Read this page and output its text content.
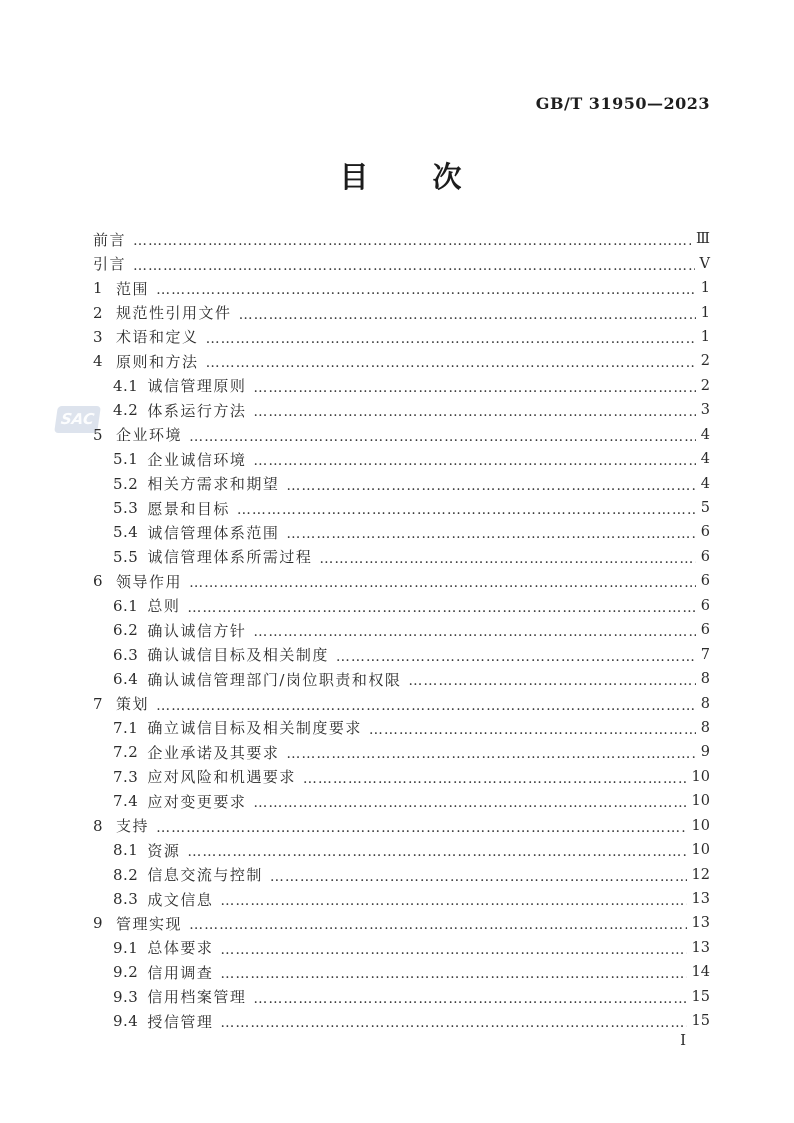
GB/T 31950—2023
目　　次
SAC
前言 …………………………………………………………………………………………………………………………………………………………………………………………	Ⅲ
引言 …………………………………………………………………………………………………………………………………………………………………………………………	Ⅴ
1 范围 …………………………………………………………………………………………………………………………………………………………………………………………	1
2 规范性引用文件 …………………………………………………………………………………………………………………………………………………………………………………………	1
3 术语和定义 …………………………………………………………………………………………………………………………………………………………………………………………	1
4 原则和方法 …………………………………………………………………………………………………………………………………………………………………………………………	2
4.1 诚信管理原则 …………………………………………………………………………………………………………………………………………………………………………………………	2
4.2 体系运行方法 …………………………………………………………………………………………………………………………………………………………………………………………	3
5 企业环境 …………………………………………………………………………………………………………………………………………………………………………………………	4
5.1 企业诚信环境 …………………………………………………………………………………………………………………………………………………………………………………………	4
5.2 相关方需求和期望 …………………………………………………………………………………………………………………………………………………………………………………………	4
5.3 愿景和目标 …………………………………………………………………………………………………………………………………………………………………………………………	5
5.4 诚信管理体系范围 …………………………………………………………………………………………………………………………………………………………………………………………	6
5.5 诚信管理体系所需过程 …………………………………………………………………………………………………………………………………………………………………………………………	6
6 领导作用 …………………………………………………………………………………………………………………………………………………………………………………………	6
6.1 总则 …………………………………………………………………………………………………………………………………………………………………………………………	6
6.2 确认诚信方针 …………………………………………………………………………………………………………………………………………………………………………………………	6
6.3 确认诚信目标及相关制度 …………………………………………………………………………………………………………………………………………………………………………………………	7
6.4 确认诚信管理部门/岗位职责和权限 …………………………………………………………………………………………………………………………………………………………………………………………	8
7 策划 …………………………………………………………………………………………………………………………………………………………………………………………	8
7.1 确立诚信目标及相关制度要求 …………………………………………………………………………………………………………………………………………………………………………………………	8
7.2 企业承诺及其要求 …………………………………………………………………………………………………………………………………………………………………………………………	9
7.3 应对风险和机遇要求 …………………………………………………………………………………………………………………………………………………………………………………………	10
7.4 应对变更要求 …………………………………………………………………………………………………………………………………………………………………………………………	10
8 支持 …………………………………………………………………………………………………………………………………………………………………………………………	10
8.1 资源 …………………………………………………………………………………………………………………………………………………………………………………………	10
8.2 信息交流与控制 …………………………………………………………………………………………………………………………………………………………………………………………	12
8.3 成文信息 …………………………………………………………………………………………………………………………………………………………………………………………	13
9 管理实现 …………………………………………………………………………………………………………………………………………………………………………………………	13
9.1 总体要求 …………………………………………………………………………………………………………………………………………………………………………………………	13
9.2 信用调查 …………………………………………………………………………………………………………………………………………………………………………………………	14
9.3 信用档案管理 …………………………………………………………………………………………………………………………………………………………………………………………	15
9.4 授信管理 …………………………………………………………………………………………………………………………………………………………………………………………	15
Ⅰ
